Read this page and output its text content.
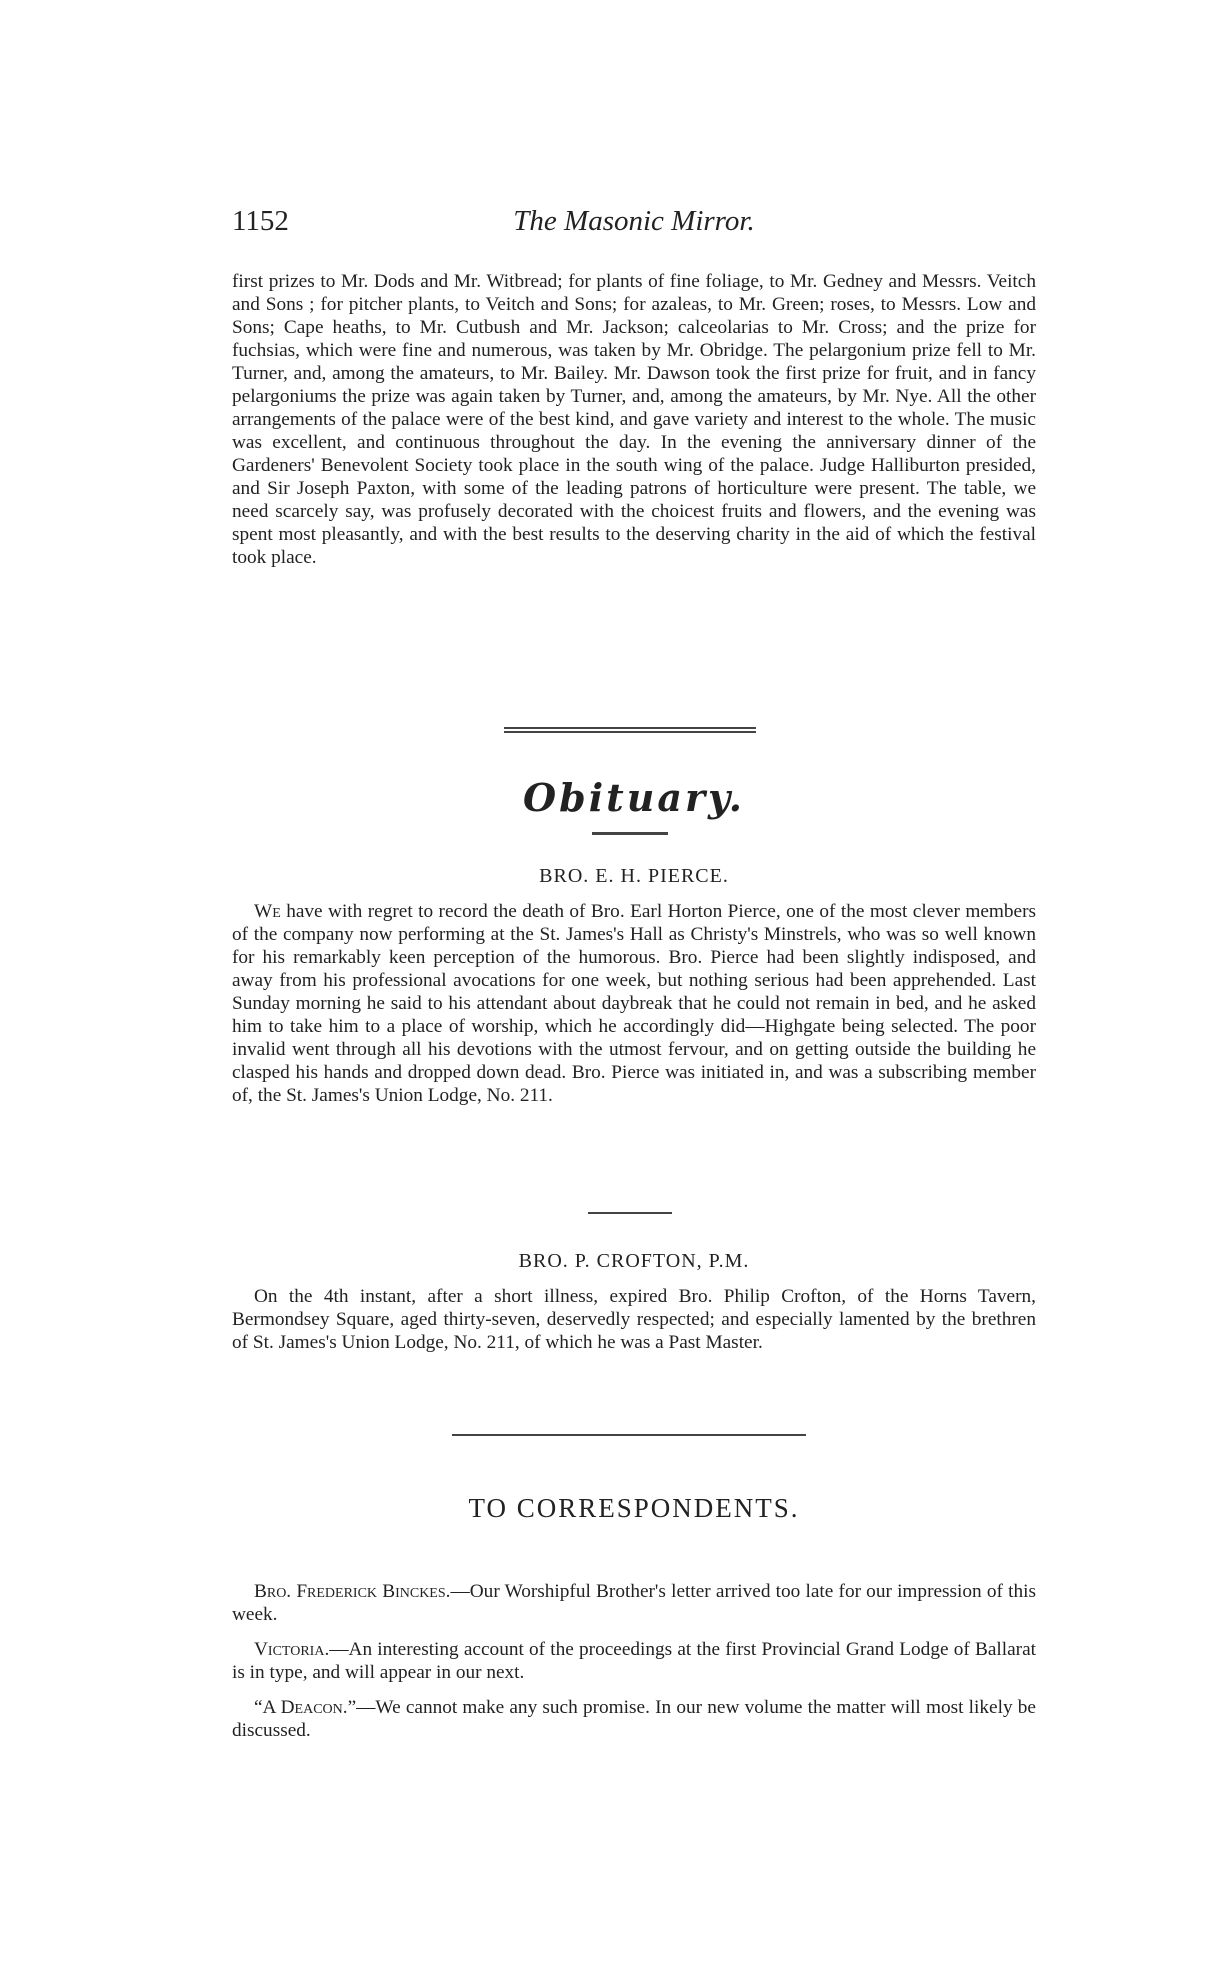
1152	The Masonic Mirror.

first prizes to Mr. Dods and Mr. Witbread; for plants of fine foliage, to Mr. Gedney and Messrs. Veitch and Sons ; for pitcher plants, to Veitch and Sons; for azaleas, to Mr. Green; roses, to Messrs. Low and Sons; Cape heaths, to Mr. Cutbush and Mr. Jackson; calceolarias to Mr. Cross; and the prize for fuchsias, which were fine and numerous, was taken by Mr. Obridge. The pelargonium prize fell to Mr. Turner, and, among the amateurs, to Mr. Bailey. Mr. Dawson took the first prize for fruit, and in fancy pelargoniums the prize was again taken by Turner, and, among the amateurs, by Mr. Nye. All the other arrangements of the palace were of the best kind, and gave variety and interest to the whole. The music was excellent, and continuous throughout the day. In the evening the anniversary dinner of the Gardeners' Benevolent Society took place in the south wing of the palace. Judge Halliburton presided, and Sir Joseph Paxton, with some of the leading patrons of horticulture were present. The table, we need scarcely say, was profusely decorated with the choicest fruits and flowers, and the evening was spent most pleasantly, and with the best results to the deserving charity in the aid of which the festival took place.

Obituary.
BRO. E. H. PIERCE.

We have with regret to record the death of Bro. Earl Horton Pierce, one of the most clever members of the company now performing at the St. James's Hall as Christy's Minstrels, who was so well known for his remarkably keen perception of the humorous. Bro. Pierce had been slightly indisposed, and away from his professional avocations for one week, but nothing serious had been apprehended. Last Sunday morning he said to his attendant about daybreak that he could not remain in bed, and he asked him to take him to a place of worship, which he accordingly did—Highgate being selected. The poor invalid went through all his devotions with the utmost fervour, and on getting outside the building he clasped his hands and dropped down dead. Bro. Pierce was initiated in, and was a subscribing member of, the St. James's Union Lodge, No. 211.

BRO. P. CROFTON, P.M.

On the 4th instant, after a short illness, expired Bro. Philip Crofton, of the Horns Tavern, Bermondsey Square, aged thirty-seven, deservedly respected; and especially lamented by the brethren of St. James's Union Lodge, No. 211, of which he was a Past Master.

TO CORRESPONDENTS.

Bro. Frederick Binckes.—Our Worshipful Brother's letter arrived too late for our impression of this week.

Victoria.—An interesting account of the proceedings at the first Provincial Grand Lodge of Ballarat is in type, and will appear in our next.

“A Deacon.”—We cannot make any such promise. In our new volume the matter will most likely be discussed.
